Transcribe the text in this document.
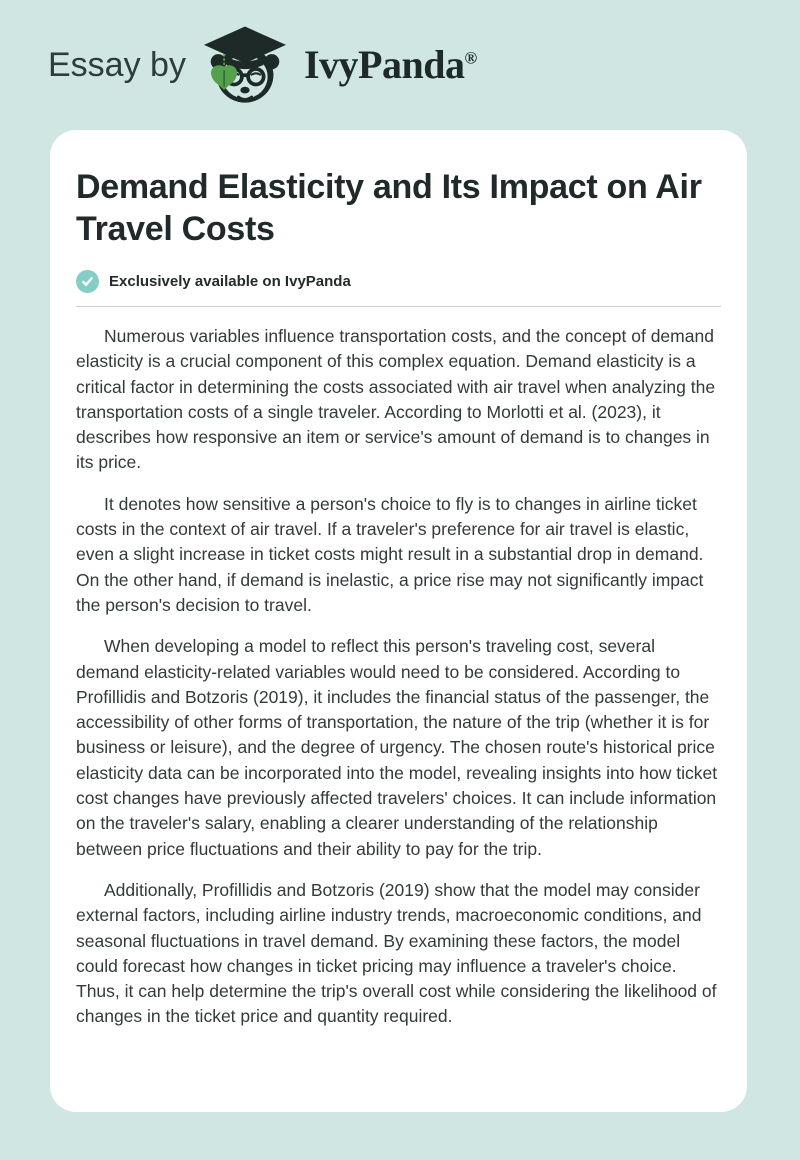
Essay by	IvyPanda®
Demand Elasticity and Its Impact on Air Travel Costs
Exclusively available on IvyPanda

Numerous variables influence transportation costs, and the concept of demand elasticity is a crucial component of this complex equation. Demand elasticity is a critical factor in determining the costs associated with air travel when analyzing the transportation costs of a single traveler. According to Morlotti et al. (2023), it describes how responsive an item or service's amount of demand is to changes in its price.

It denotes how sensitive a person's choice to fly is to changes in airline ticket costs in the context of air travel. If a traveler's preference for air travel is elastic, even a slight increase in ticket costs might result in a substantial drop in demand. On the other hand, if demand is inelastic, a price rise may not significantly impact the person's decision to travel.

When developing a model to reflect this person's traveling cost, several demand elasticity-related variables would need to be considered. According to Profillidis and Botzoris (2019), it includes the financial status of the passenger, the accessibility of other forms of transportation, the nature of the trip (whether it is for business or leisure), and the degree of urgency. The chosen route's historical price elasticity data can be incorporated into the model, revealing insights into how ticket cost changes have previously affected travelers' choices. It can include information on the traveler's salary, enabling a clearer understanding of the relationship between price fluctuations and their ability to pay for the trip.

Additionally, Profillidis and Botzoris (2019) show that the model may consider external factors, including airline industry trends, macroeconomic conditions, and seasonal fluctuations in travel demand. By examining these factors, the model could forecast how changes in ticket pricing may influence a traveler's choice. Thus, it can help determine the trip's overall cost while considering the likelihood of changes in the ticket price and quantity required.
